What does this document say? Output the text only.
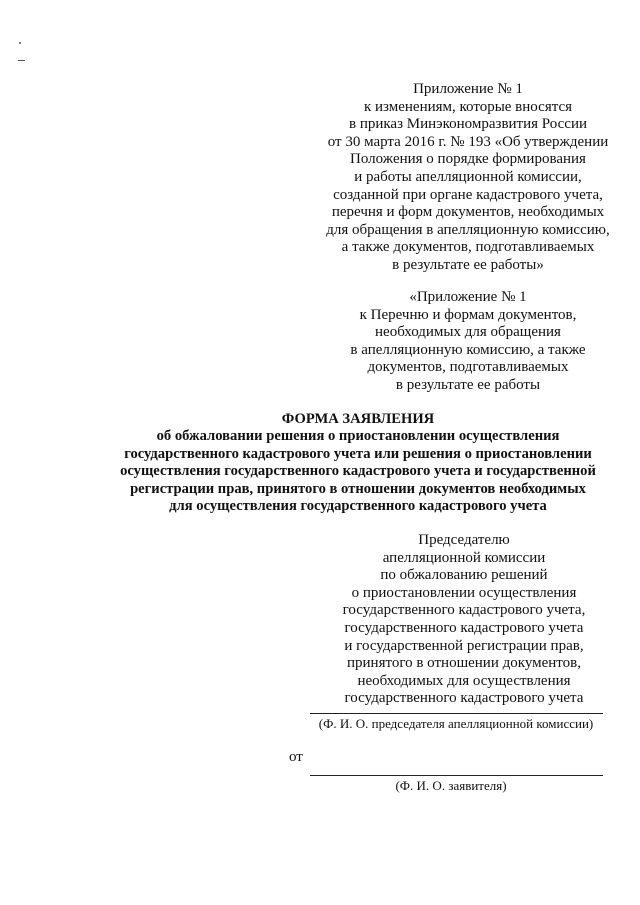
Приложение № 1
к изменениям, которые вносятся
в приказ Минэкономразвития России
от 30 марта 2016 г. № 193 «Об утверждении
Положения о порядке формирования
и работы апелляционной комиссии,
созданной при органе кадастрового учета,
перечня и форм документов, необходимых
для обращения в апелляционную комиссию,
а также документов, подготавливаемых
в результате ее работы»
«Приложение № 1
к Перечню и формам документов,
необходимых для обращения
в апелляционную комиссию, а также
документов, подготавливаемых
в результате ее работы
ФОРМА ЗАЯВЛЕНИЯ
об обжаловании решения о приостановлении осуществления
государственного кадастрового учета или решения о приостановлении
осуществления государственного кадастрового учета и государственной
регистрации прав, принятого в отношении документов необходимых
для осуществления государственного кадастрового учета
Председателю
апелляционной комиссии
по обжалованию решений
о приостановлении осуществления
государственного кадастрового учета,
государственного кадастрового учета
и государственной регистрации прав,
принятого в отношении документов,
необходимых для осуществления
государственного кадастрового учета
(Ф. И. О. председателя апелляционной комиссии)
от
(Ф. И. О. заявителя)
